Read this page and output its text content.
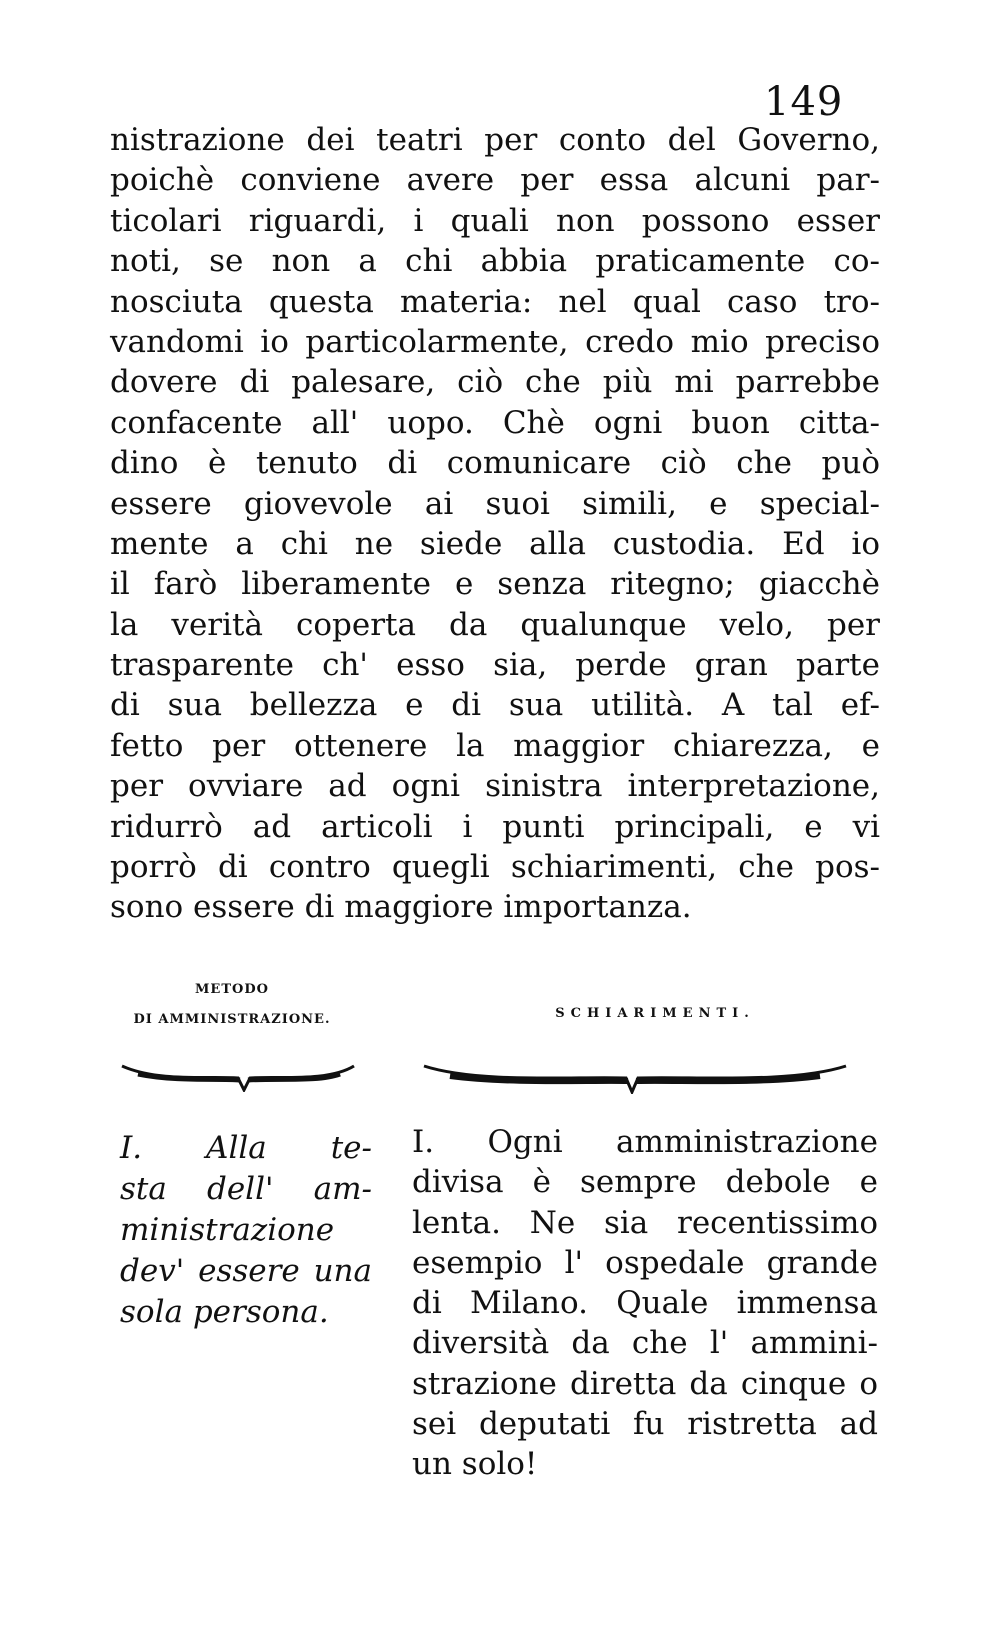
149
nistrazione dei teatri per conto del Governo,
poichè conviene avere per essa alcuni par-
ticolari riguardi, i quali non possono esser
noti, se non a chi abbia praticamente co-
nosciuta questa materia: nel qual caso tro-
vandomi io particolarmente, credo mio preciso
dovere di palesare, ciò che più mi parrebbe
confacente all' uopo. Chè ogni buon citta-
dino è tenuto di comunicare ciò che può
essere giovevole ai suoi simili, e special-
mente a chi ne siede alla custodia. Ed io
il farò liberamente e senza ritegno; giacchè
la verità coperta da qualunque velo, per
trasparente ch' esso sia, perde gran parte
di sua bellezza e di sua utilità. A tal ef-
fetto per ottenere la maggior chiarezza, e
per ovviare ad ogni sinistra interpretazione,
ridurrò ad articoli i punti principali, e vi
porrò di contro quegli schiarimenti, che pos-
sono essere di maggiore importanza.
METODO
DI AMMINISTRAZIONE.	SCHIARIMENTI.
I. Alla te-
sta dell' am-
ministrazione
dev' essere una
sola persona.
I. Ogni amministrazione
divisa è sempre debole e
lenta. Ne sia recentissimo
esempio l' ospedale grande
di Milano. Quale immensa
diversità da che l' ammini-
strazione diretta da cinque o
sei deputati fu ristretta ad
un solo!
